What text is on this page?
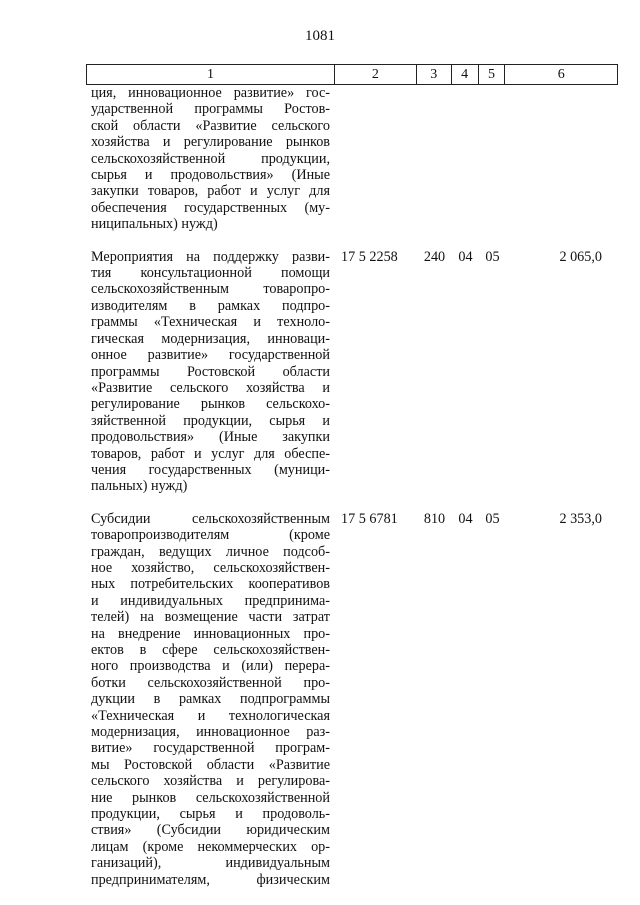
1081
1	2	3	4	5	6
ция, инновационное развитие» гос-
ударственной программы Ростов-
ской области «Развитие сельского
хозяйства и регулирование рынков
сельскохозяйственной продукции,
сырья и продовольствия» (Иные
закупки товаров, работ и услуг для
обеспечения государственных (му-
ниципальных) нужд)
Мероприятия на поддержку разви-
тия консультационной помощи
сельскохозяйственным товаропро-
изводителям в рамках подпро-
граммы «Техническая и техноло-
гическая модернизация, инноваци-
онное развитие» государственной
программы Ростовской области
«Развитие сельского хозяйства и
регулирование рынков сельскохо-
зяйственной продукции, сырья и
продовольствия» (Иные закупки
товаров, работ и услуг для обеспе-
чения государственных (муници-
пальных) нужд)
17 5 2258	240 04 05	2 065,0
Субсидии сельскохозяйственным
товаропроизводителям (кроме
граждан, ведущих личное подсоб-
ное хозяйство, сельскохозяйствен-
ных потребительских кооперативов
и индивидуальных предпринима-
телей) на возмещение части затрат
на внедрение инновационных про-
ектов в сфере сельскохозяйствен-
ного производства и (или) перера-
ботки сельскохозяйственной про-
дукции в рамках подпрограммы
«Техническая и технологическая
модернизация, инновационное раз-
витие» государственной програм-
мы Ростовской области «Развитие
сельского хозяйства и регулирова-
ние рынков сельскохозяйственной
продукции, сырья и продоволь-
ствия» (Субсидии юридическим
лицам (кроме некоммерческих ор-
ганизаций), индивидуальным
предпринимателям, физическим
17 5 6781	810 04 05	2 353,0
